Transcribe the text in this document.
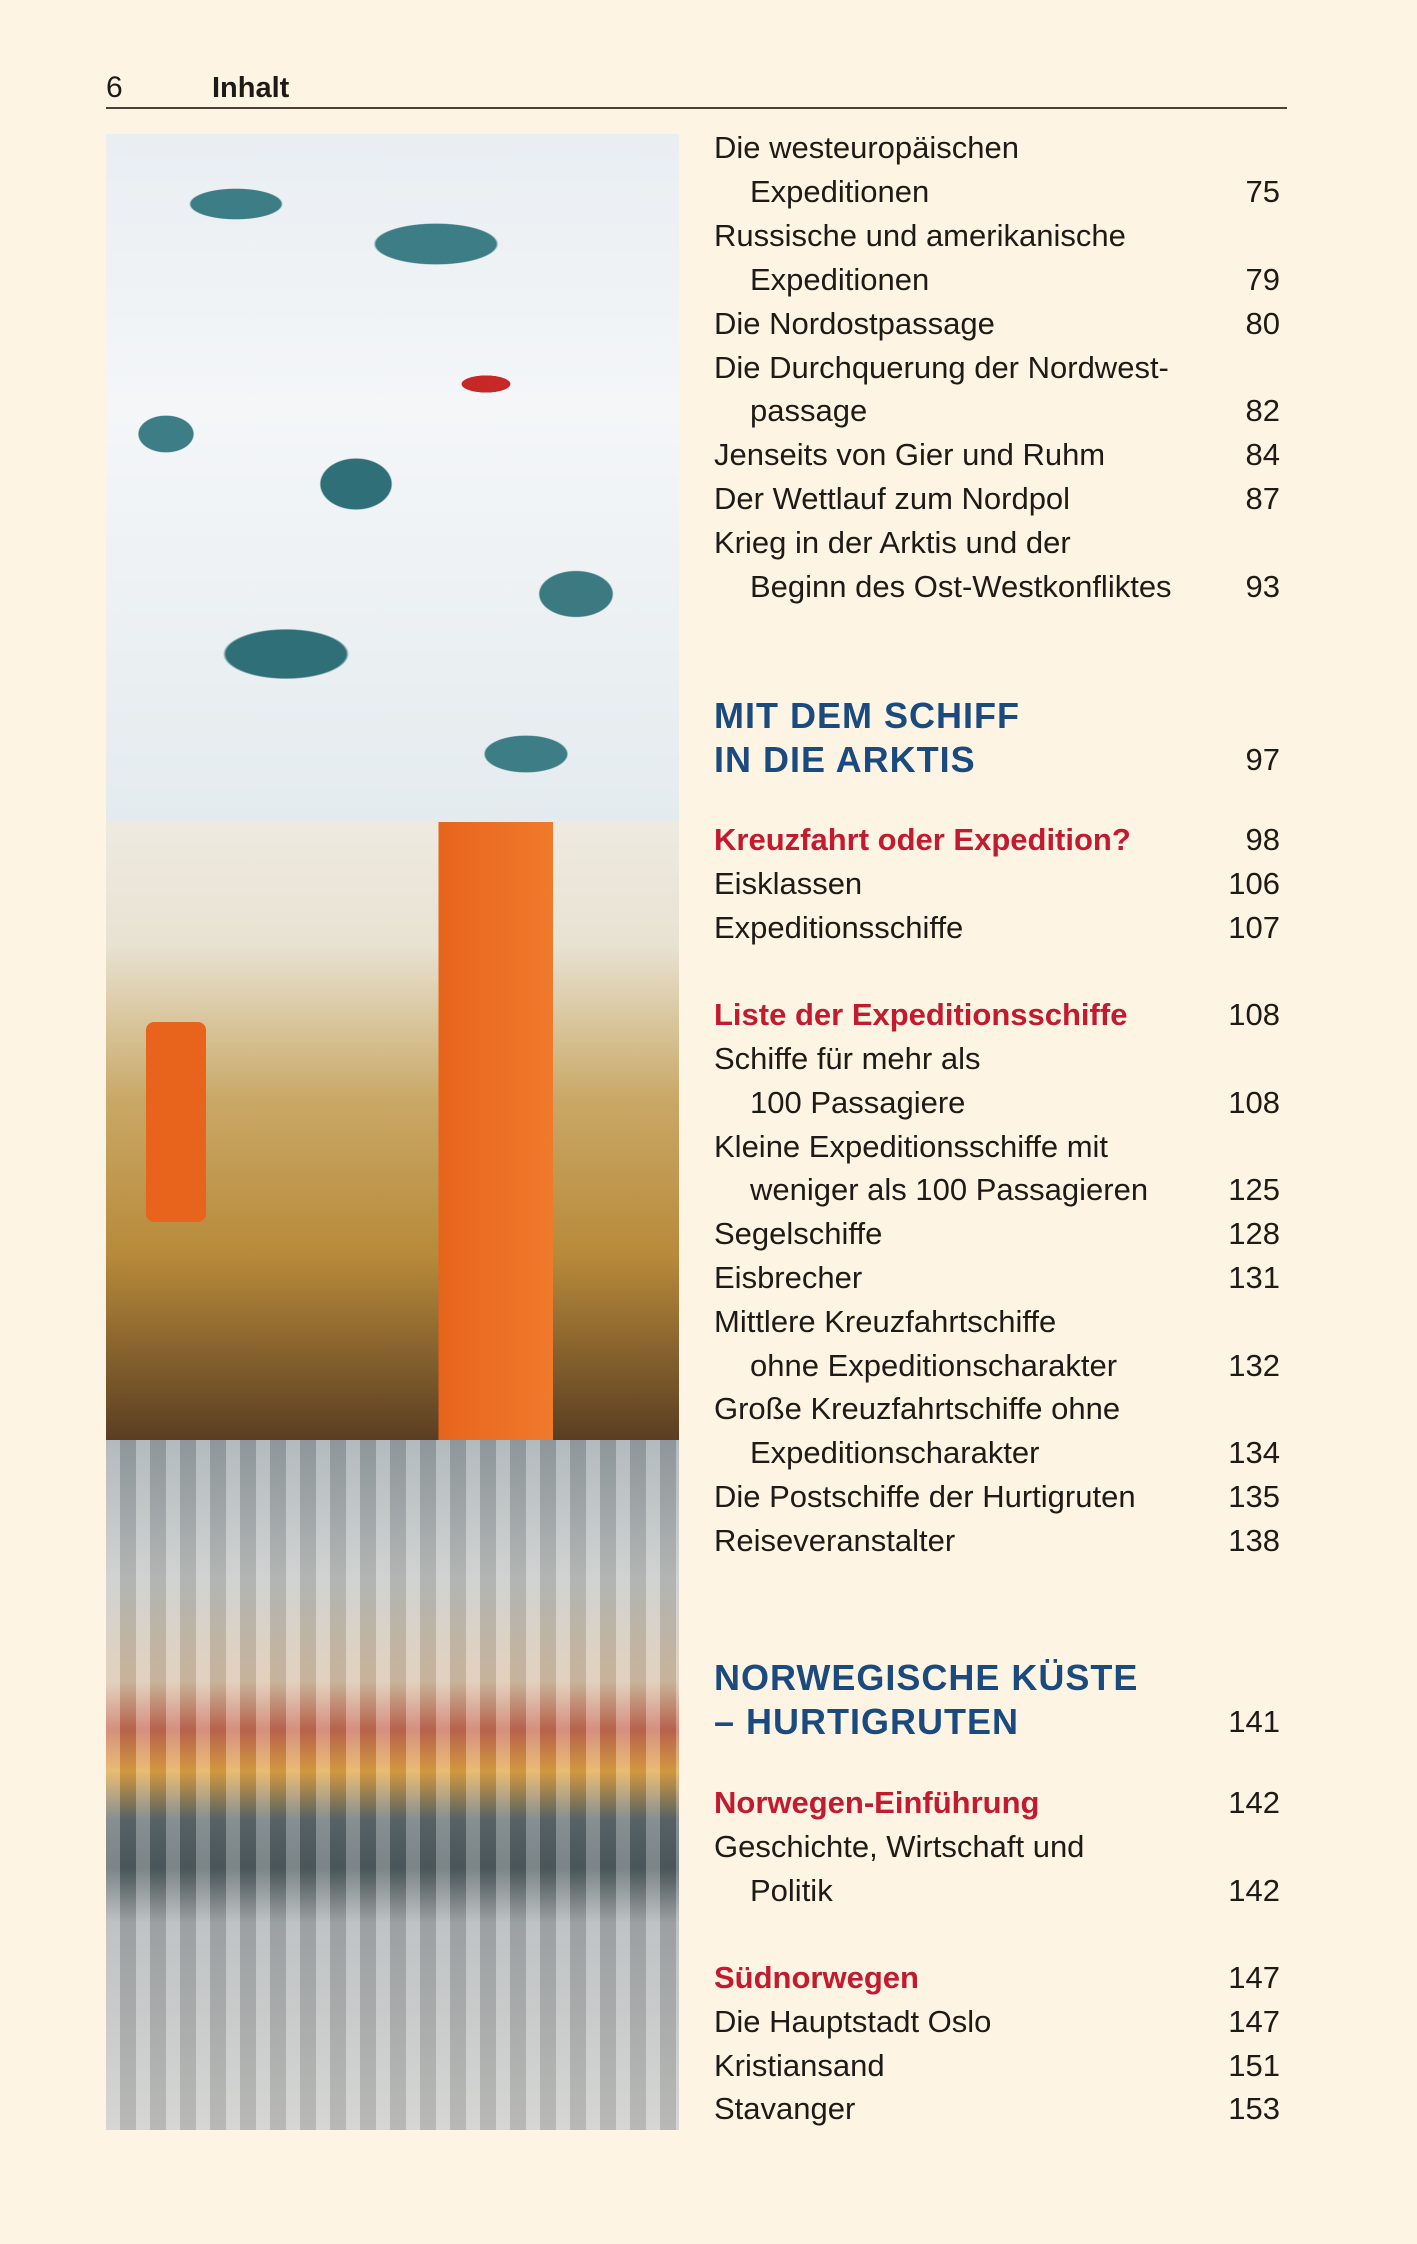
6	Inhalt
Die westeuropäischen
Expeditionen	75
Russische und amerikanische
Expeditionen	79
Die Nordostpassage	80
Die Durchquerung der Nordwest-
passage	82
Jenseits von Gier und Ruhm	84
Der Wettlauf zum Nordpol	87
Krieg in der Arktis und der
Beginn des Ost-Westkonfliktes 93
MIT DEM SCHIFF
IN DIE ARKTIS	97
Kreuzfahrt oder Expedition?	98
Eisklassen	106
Expeditionsschiffe	107
Liste der Expeditionsschiffe	108
Schiffe für mehr als
100 Passagiere	108
Kleine Expeditionsschiffe mit
weniger als 100 Passagieren	125
Segelschiffe	128
Eisbrecher	131
Mittlere Kreuzfahrtschiffe
ohne Expeditionscharakter	132
Große Kreuzfahrtschiffe ohne
Expeditionscharakter	134
Die Postschiffe der Hurtigruten	135
Reiseveranstalter	138
NORWEGISCHE KÜSTE
– HURTIGRUTEN	141
Norwegen-Einführung	142
Geschichte, Wirtschaft und
Politik	142
Südnorwegen	147
Die Hauptstadt Oslo	147
Kristiansand	151
Stavanger	153
